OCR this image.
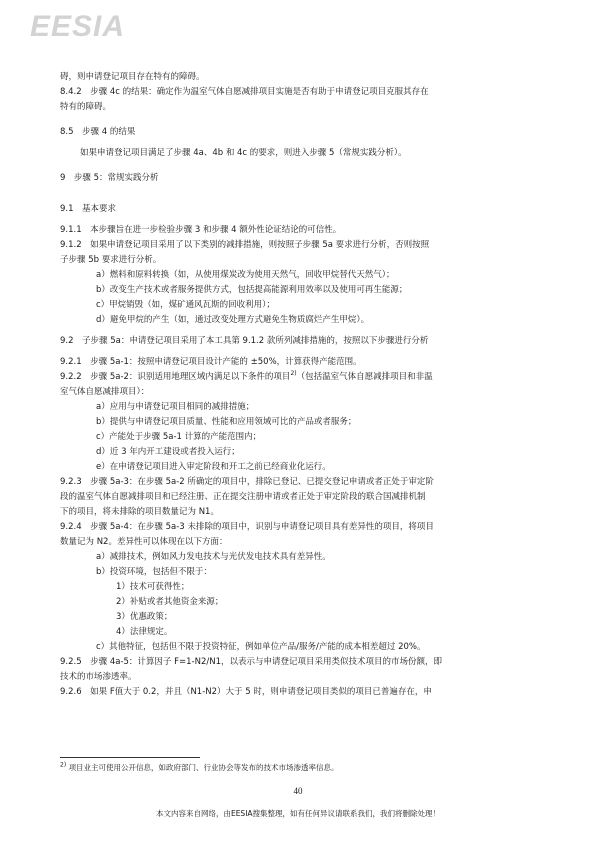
EESIA

碍，则申请登记项目存在特有的障碍。

8.4.2　步骤 4c 的结果：确定作为温室气体自愿减排项目实施是否有助于申请登记项目克服其存在

特有的障碍。

8.5　步骤 4 的结果

如果申请登记项目满足了步骤 4a、4b 和 4c 的要求，则进入步骤 5（常规实践分析）。

9　步骤 5：常规实践分析

9.1　基本要求

9.1.1　本步骤旨在进一步检验步骤 3 和步骤 4 额外性论证结论的可信性。

9.1.2　如果申请登记项目采用了以下类别的减排措施，则按照子步骤 5a 要求进行分析，否则按照

子步骤 5b 要求进行分析。

a）燃料和原料转换（如，从使用煤炭改为使用天然气，回收甲烷替代天然气）；

b）改变生产技术或者服务提供方式，包括提高能源利用效率以及使用可再生能源；

c）甲烷销毁（如，煤矿通风瓦斯的回收利用）；

d）避免甲烷的产生（如，通过改变处理方式避免生物质腐烂产生甲烷）。

9.2　子步骤 5a：申请登记项目采用了本工具第 9.1.2 款所列减排措施的，按照以下步骤进行分析

9.2.1　步骤 5a-1：按照申请登记项目设计产能的 ±50%，计算获得产能范围。

9.2.2　步骤 5a-2：识别适用地理区域内满足以下条件的项目$^{2)}$（包括温室气体自愿减排项目和非温

室气体自愿减排项目）：

a）应用与申请登记项目相同的减排措施；

b）提供与申请登记项目质量、性能和应用领域可比的产品或者服务；

c）产能处于步骤 5a-1 计算的产能范围内；

d）近 3 年内开工建设或者投入运行；

e）在申请登记项目进入审定阶段和开工之前已经商业化运行。

9.2.3　步骤 5a-3：在步骤 5a-2 所确定的项目中，排除已登记、已提交登记申请或者正处于审定阶

段的温室气体自愿减排项目和已经注册、正在提交注册申请或者正处于审定阶段的联合国减排机制

下的项目，将未排除的项目数量记为 N1。

9.2.4　步骤 5a-4：在步骤 5a-3 未排除的项目中，识别与申请登记项目具有差异性的项目，将项目

数量记为 N2。差异性可以体现在以下方面：

a）减排技术，例如风力发电技术与光伏发电技术具有差异性。

b）投资环境，包括但不限于：

1）技术可获得性；

2）补贴或者其他资金来源；

3）优惠政策；

4）法律规定。

c）其他特征，包括但不限于投资特征，例如单位产品/服务/产能的成本相差超过 20%。

9.2.5　步骤 4a-5：计算因子 F=1-N2/N1，以表示与申请登记项目采用类似技术项目的市场份额，即

技术的市场渗透率。

9.2.6　如果 F值大于 0.2，并且（N1-N2）大于 5 时，则申请登记项目类似的项目已普遍存在，申

$^{2)}$ 项目业主可使用公开信息，如政府部门、行业协会等发布的技术市场渗透率信息。
40
本文内容来自网络，由EESIA搜集整理，如有任何异议请联系我们，我们将删除处理！
